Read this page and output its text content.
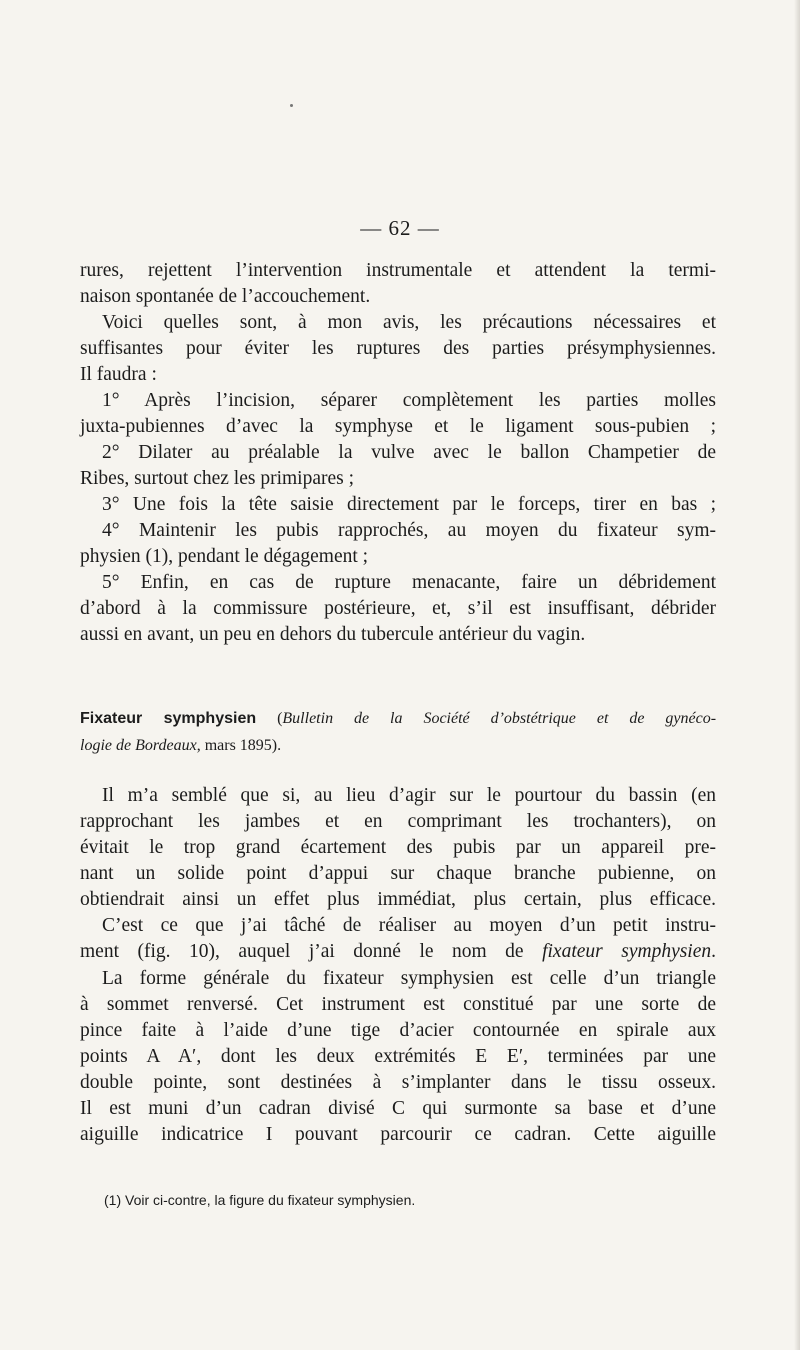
— 62 —
rures, rejettent l’intervention instrumentale et attendent la termi-
naison spontanée de l’accouchement.
Voici quelles sont, à mon avis, les précautions nécessaires et
suffisantes pour éviter les ruptures des parties présymphysiennes.
Il faudra :
1° Après l’incision, séparer complètement les parties molles
juxta-pubiennes d’avec la symphyse et le ligament sous-pubien ;
2° Dilater au préalable la vulve avec le ballon Champetier de
Ribes, surtout chez les primipares ;
3° Une fois la tête saisie directement par le forceps, tirer en bas ;
4° Maintenir les pubis rapprochés, au moyen du fixateur sym-
physien (1), pendant le dégagement ;
5° Enfin, en cas de rupture menacante, faire un débridement
d’abord à la commissure postérieure, et, s’il est insuffisant, débrider
aussi en avant, un peu en dehors du tubercule antérieur du vagin.
Fixateur symphysien (Bulletin de la Société d’obstétrique et de gynéco-
logie de Bordeaux, mars 1895).
Il m’a semblé que si, au lieu d’agir sur le pourtour du bassin (en
rapprochant les jambes et en comprimant les trochanters), on
évitait le trop grand écartement des pubis par un appareil pre-
nant un solide point d’appui sur chaque branche pubienne, on
obtiendrait ainsi un effet plus immédiat, plus certain, plus efficace.
C’est ce que j’ai tâché de réaliser au moyen d’un petit instru-
ment (fig. 10), auquel j’ai donné le nom de fixateur symphysien.
La forme générale du fixateur symphysien est celle d’un triangle
à sommet renversé. Cet instrument est constitué par une sorte de
pince faite à l’aide d’une tige d’acier contournée en spirale aux
points A A′, dont les deux extrémités E E′, terminées par une
double pointe, sont destinées à s’implanter dans le tissu osseux.
Il est muni d’un cadran divisé C qui surmonte sa base et d’une
aiguille indicatrice I pouvant parcourir ce cadran. Cette aiguille
(1) Voir ci-contre, la figure du fixateur symphysien.
